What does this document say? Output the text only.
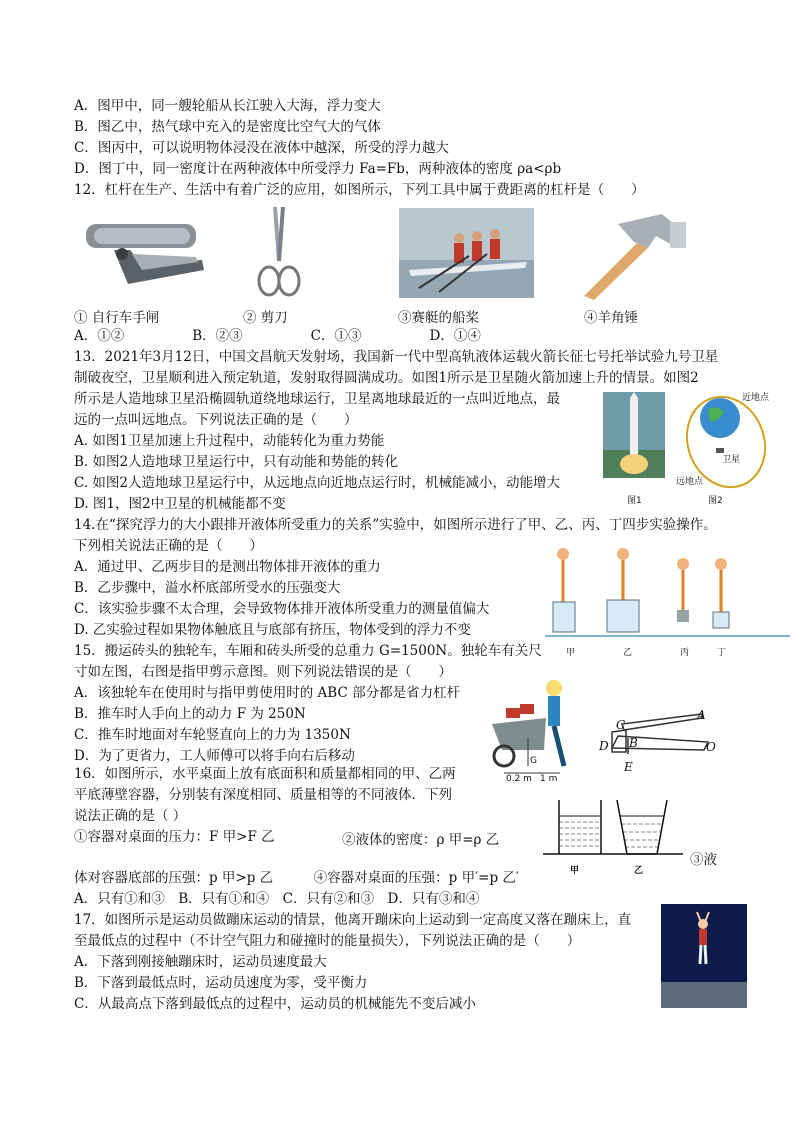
A．图甲中，同一艘轮船从长江驶入大海，浮力变大
B．图乙中，热气球中充入的是密度比空气大的气体
C．图丙中，可以说明物体浸没在液体中越深，所受的浮力越大
D．图丁中，同一密度计在两种液体中所受浮力 Fa=Fb，两种液体的密度 ρa<ρb
12．杠杆在生产、生活中有着广泛的应用，如图所示，下列工具中属于费距离的杠杆是（　　）
① 自行车手闸	② 剪刀	③赛艇的船桨	④羊角锤
A．①②	B．②③	C．①③	D．①④
13．2021年3月12日，中国文昌航天发射场，我国新一代中型高轨液体运载火箭长征七号托举试验九号卫星
制破夜空，卫星顺利进入预定轨道，发射取得圆满成功。如图1所示是卫星随火箭加速上升的情景。如图2
所示是人造地球卫星沿椭圆轨道绕地球运行，卫星离地球最近的一点叫近地点，最
远的一点叫远地点。下列说法正确的是（　　）
A. 如图1卫星加速上升过程中，动能转化为重力势能
B. 如图2人造地球卫星运行中，只有动能和势能的转化
C. 如图2人造地球卫星运行中，从远地点向近地点运行时，机械能减小，动能增大
D. 图1，图2中卫星的机械能都不变	图1
近地点
卫星
远地点
图2
14.在“探究浮力的大小跟排开液体所受重力的关系”实验中，如图所示进行了甲、乙、丙、丁四步实验操作。
下列相关说法正确的是（　　）
A．通过甲、乙两步目的是测出物体排开液体的重力
B．乙步骤中，溢水杯底部所受水的压强变大
C．该实验步骤不太合理，会导致物体排开液体所受重力的测量值偏大
D. 乙实验过程如果物体触底且与底部有挤压，物体受到的浮力不变
甲	乙	丙	丁
15．搬运砖头的独轮车，车厢和砖头所受的总重力 G=1500N。独轮车有关尺
寸如左图，右图是指甲剪示意图。则下列说法错误的是（　　）
A．该独轮车在使用时与指甲剪使用时的 ABC 部分都是省力杠杆
B．推车时人手向上的动力 F 为 250N
C．推车时地面对车轮竖直向上的力为 1350N
D．为了更省力，工人师傅可以将手向右后移动	G
0.2 m 1 m
C
A
B
D	O
E
16．如图所示，水平桌面上放有底面积和质量都相同的甲、乙两
平底薄壁容器，分别装有深度相同、质量相等的不同液体．下列
说法正确的是（ ）
①容器对桌面的压力：F 甲>F 乙	②液体的密度：ρ 甲=ρ 乙
③液
体对容器底部的压强：p 甲>p 乙　　　④容器对桌面的压强：p 甲′=p 乙′
A．只有①和③　B．只有①和④　C．只有②和③　D．只有③和④
甲	乙
17．如图所示是运动员做蹦床运动的情景，他离开蹦床向上运动到一定高度又落在蹦床上，直
至最低点的过程中（不计空气阻力和碰撞时的能量损失），下列说法正确的是（　　）
A．下落到刚接触蹦床时，运动员速度最大
B．下落到最低点时，运动员速度为零，受平衡力
C．从最高点下落到最低点的过程中，运动员的机械能先不变后减小
